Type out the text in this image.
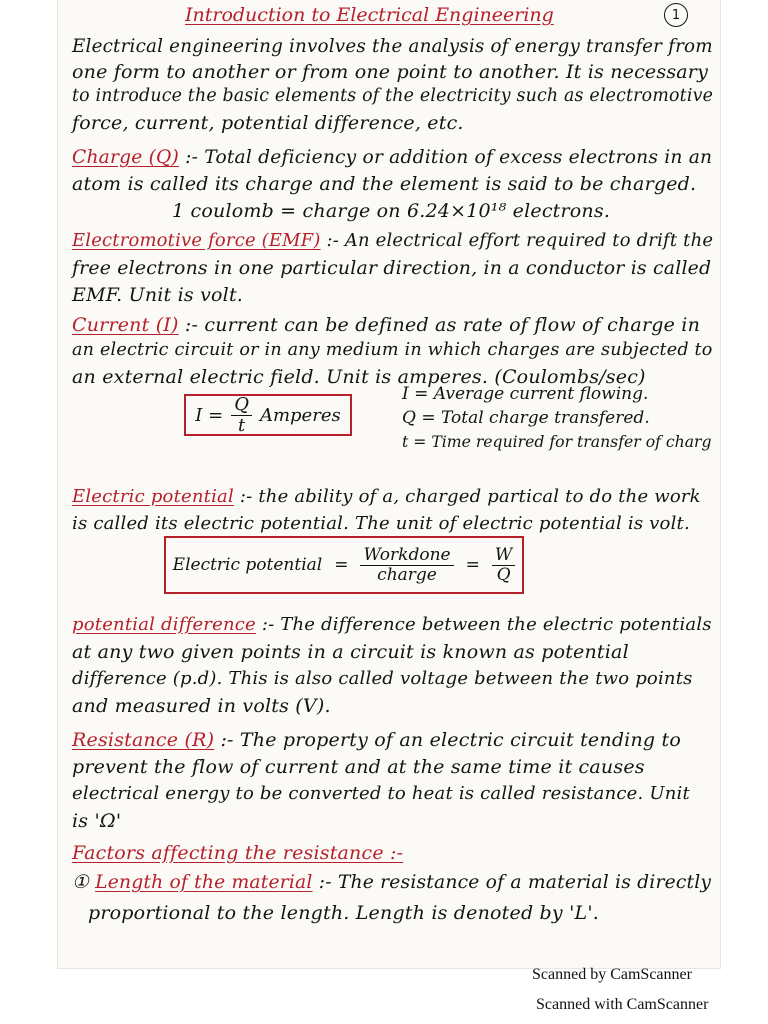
Introduction to Electrical Engineering	1
Electrical engineering involves the analysis of energy transfer from
one form to another or from one point to another. It is necessary
to introduce the basic elements of the electricity such as electromotive
force, current, potential difference, etc.
Charge (Q) :- Total deficiency or addition of excess electrons in an
atom is called its charge and the element is said to be charged.
1 coulomb = charge on 6.24×10¹⁸ electrons.
Electromotive force (EMF) :- An electrical effort required to drift the
free electrons in one particular direction, in a conductor is called
EMF. Unit is volt.
Current (I) :- current can be defined as rate of flow of charge in
an electric circuit or in any medium in which charges are subjected to
an external electric field. Unit is amperes. (Coulombs/sec)
$I = \frac{Q}{t}$ Amperes
I = Average current flowing.
Q = Total charge transfered.
t = Time required for transfer of charg
Electric potential :- the ability of a, charged partical to do the work
is called its electric potential. The unit of electric potential is volt.
Electric potential = $\frac{\text{Workdone}}{\text{charge}} = \frac{W}{Q}$
potential difference :- The difference between the electric potentials
at any two given points in a circuit is known as potential
difference (p.d). This is also called voltage between the two points
and measured in volts (V).
Resistance (R) :- The property of an electric circuit tending to
prevent the flow of current and at the same time it causes
electrical energy to be converted to heat is called resistance. Unit
is 'Ω'
Factors affecting the resistance :-
① Length of the material :- The resistance of a material is directly
proportional to the length. Length is denoted by 'L'.
Scanned by CamScanner
Scanned with CamScanner
